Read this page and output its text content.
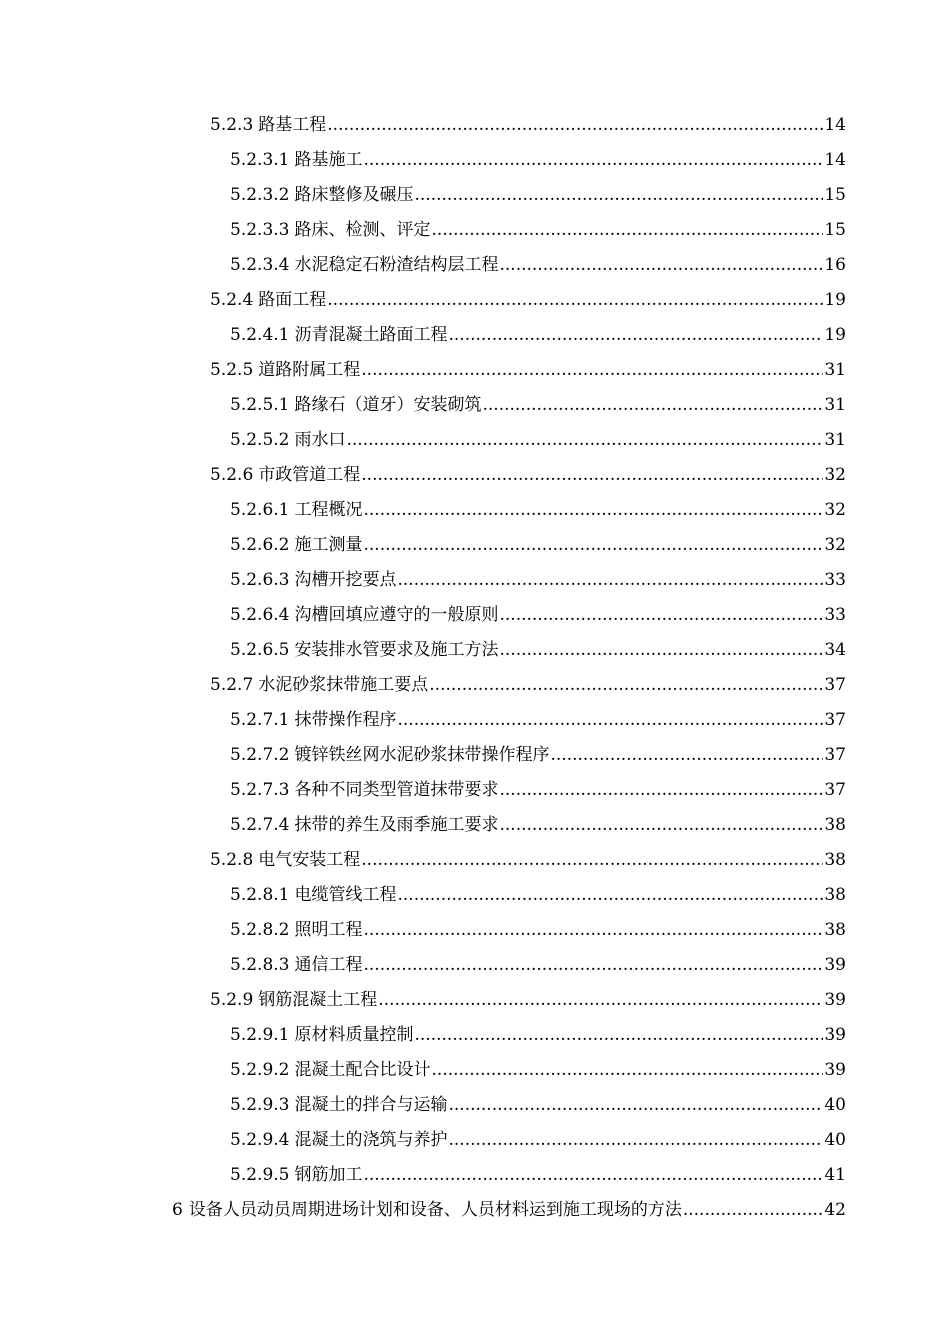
5.2.3 路基工程 .....	14
5.2.3.1 路基施工 .....	14
5.2.3.2 路床整修及碾压 .....	15
5.2.3.3 路床、检测、评定 .....	15
5.2.3.4 水泥稳定石粉渣结构层工程 .....	16
5.2.4 路面工程 .....	19
5.2.4.1 沥青混凝土路面工程 .....	19
5.2.5 道路附属工程 .....	31
5.2.5.1 路缘石（道牙）安装砌筑 .....	31
5.2.5.2 雨水口 .....	31
5.2.6 市政管道工程 .....	32
5.2.6.1 工程概况 .....	32
5.2.6.2 施工测量 .....	32
5.2.6.3 沟槽开挖要点 .....	33
5.2.6.4 沟槽回填应遵守的一般原则 .....	33
5.2.6.5 安装排水管要求及施工方法 .....	34
5.2.7 水泥砂浆抹带施工要点 .....	37
5.2.7.1 抹带操作程序 .....	37
5.2.7.2 镀锌铁丝网水泥砂浆抹带操作程序 .....	37
5.2.7.3 各种不同类型管道抹带要求 .....	37
5.2.7.4 抹带的养生及雨季施工要求 .....	38
5.2.8 电气安装工程 .....	38
5.2.8.1 电缆管线工程 .....	38
5.2.8.2 照明工程 .....	38
5.2.8.3 通信工程 .....	39
5.2.9 钢筋混凝土工程 .....	39
5.2.9.1 原材料质量控制 .....	39
5.2.9.2 混凝土配合比设计 .....	39
5.2.9.3 混凝土的拌合与运输 .....	40
5.2.9.4 混凝土的浇筑与养护 .....	40
5.2.9.5 钢筋加工 .....	41
6 设备人员动员周期进场计划和设备、人员材料运到施工现场的方法 .....	42
